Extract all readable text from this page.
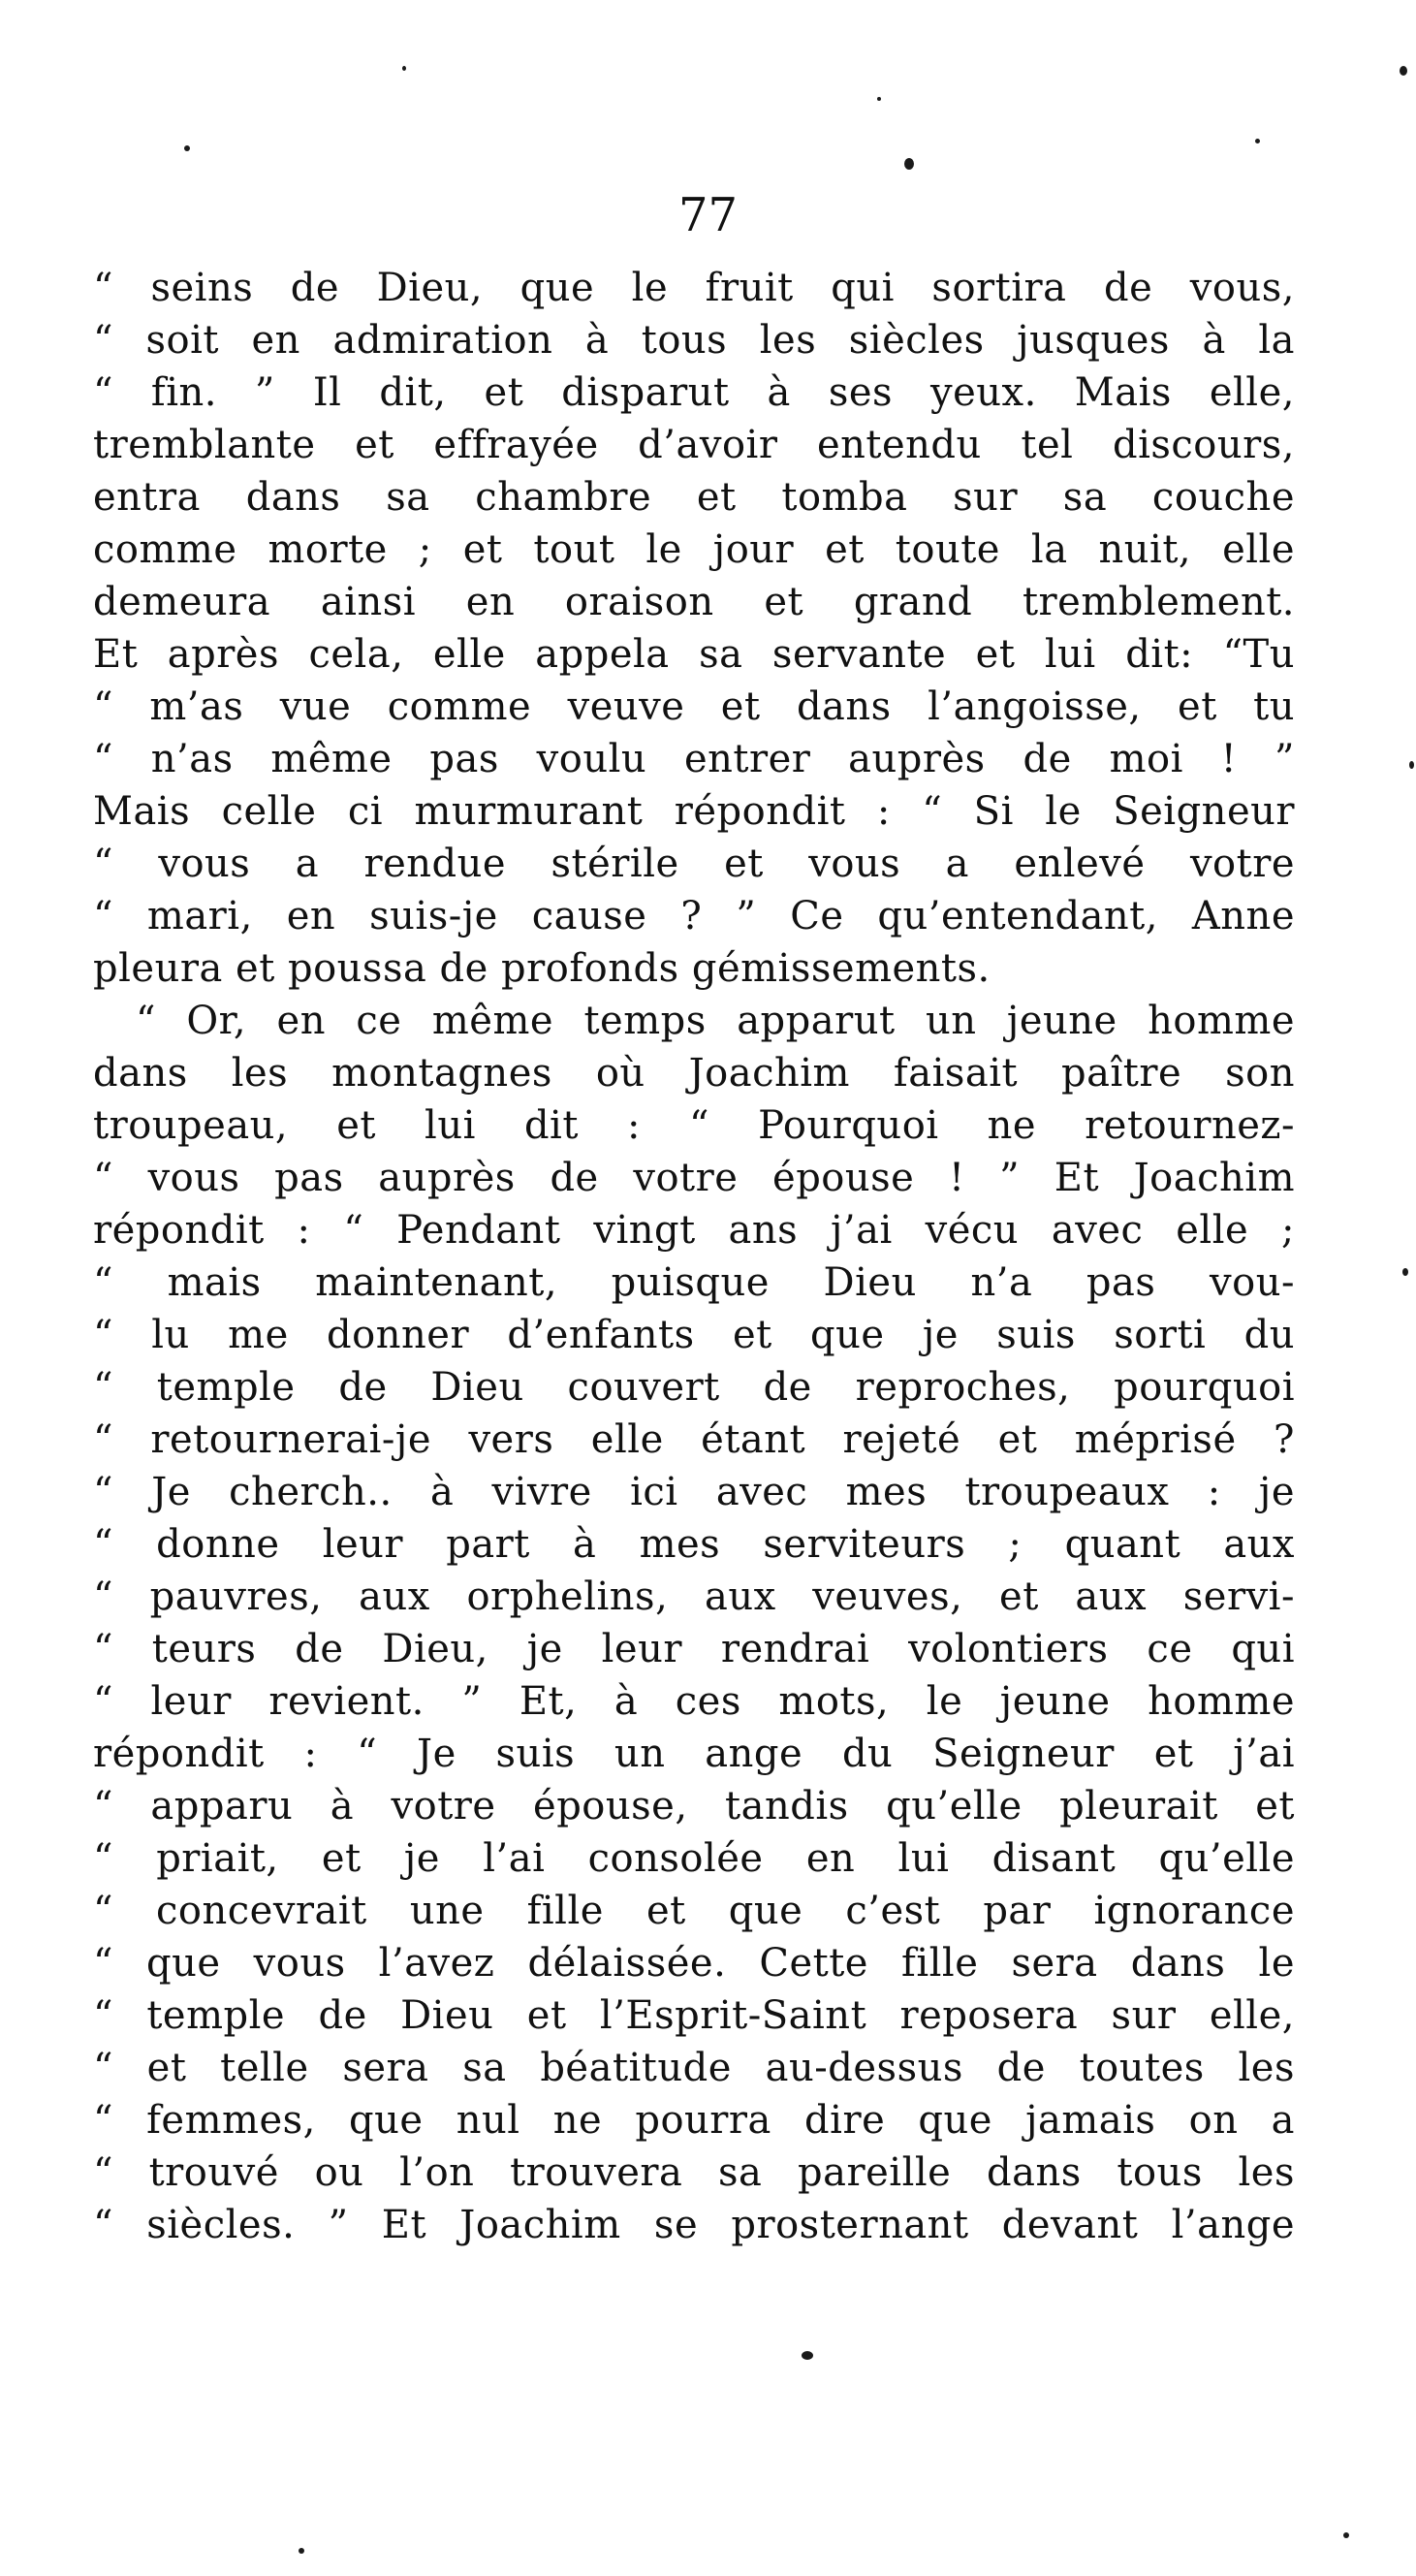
77
“ seins de Dieu, que le fruit qui sortira de vous,
“ soit en admiration à tous les siècles jusques à la
“ fin. ” Il dit, et disparut à ses yeux. Mais elle,
tremblante et effrayée d’avoir entendu tel discours,
entra dans sa chambre et tomba sur sa couche
comme morte ; et tout le jour et toute la nuit, elle
demeura ainsi en oraison et grand tremblement.
Et après cela, elle appela sa servante et lui dit: “Tu
“ m’as vue comme veuve et dans l’angoisse, et tu
“ n’as même pas voulu entrer auprès de moi ! ”
Mais celle ci murmurant répondit : “ Si le Seigneur
“ vous a rendue stérile et vous a enlevé votre
“ mari, en suis-je cause ? ” Ce qu’entendant, Anne
pleura et poussa de profonds gémissements.
“ Or, en ce même temps apparut un jeune homme
dans les montagnes où Joachim faisait paître son
troupeau, et lui dit : “ Pourquoi ne retournez-
“ vous pas auprès de votre épouse ! ” Et Joachim
répondit : “ Pendant vingt ans j’ai vécu avec elle ;
“ mais maintenant, puisque Dieu n’a pas vou-
“ lu me donner d’enfants et que je suis sorti du
“ temple de Dieu couvert de reproches, pourquoi
“ retournerai-je vers elle étant rejeté et méprisé ?
“ Je cherch.. à vivre ici avec mes troupeaux : je
“ donne leur part à mes serviteurs ; quant aux
“ pauvres, aux orphelins, aux veuves, et aux servi-
“ teurs de Dieu, je leur rendrai volontiers ce qui
“ leur revient. ” Et, à ces mots, le jeune homme
répondit : “ Je suis un ange du Seigneur et j’ai
“ apparu à votre épouse, tandis qu’elle pleurait et
“ priait, et je l’ai consolée en lui disant qu’elle
“ concevrait une fille et que c’est par ignorance
“ que vous l’avez délaissée. Cette fille sera dans le
“ temple de Dieu et l’Esprit-Saint reposera sur elle,
“ et telle sera sa béatitude au-dessus de toutes les
“ femmes, que nul ne pourra dire que jamais on a
“ trouvé ou l’on trouvera sa pareille dans tous les
“ siècles. ” Et Joachim se prosternant devant l’ange
